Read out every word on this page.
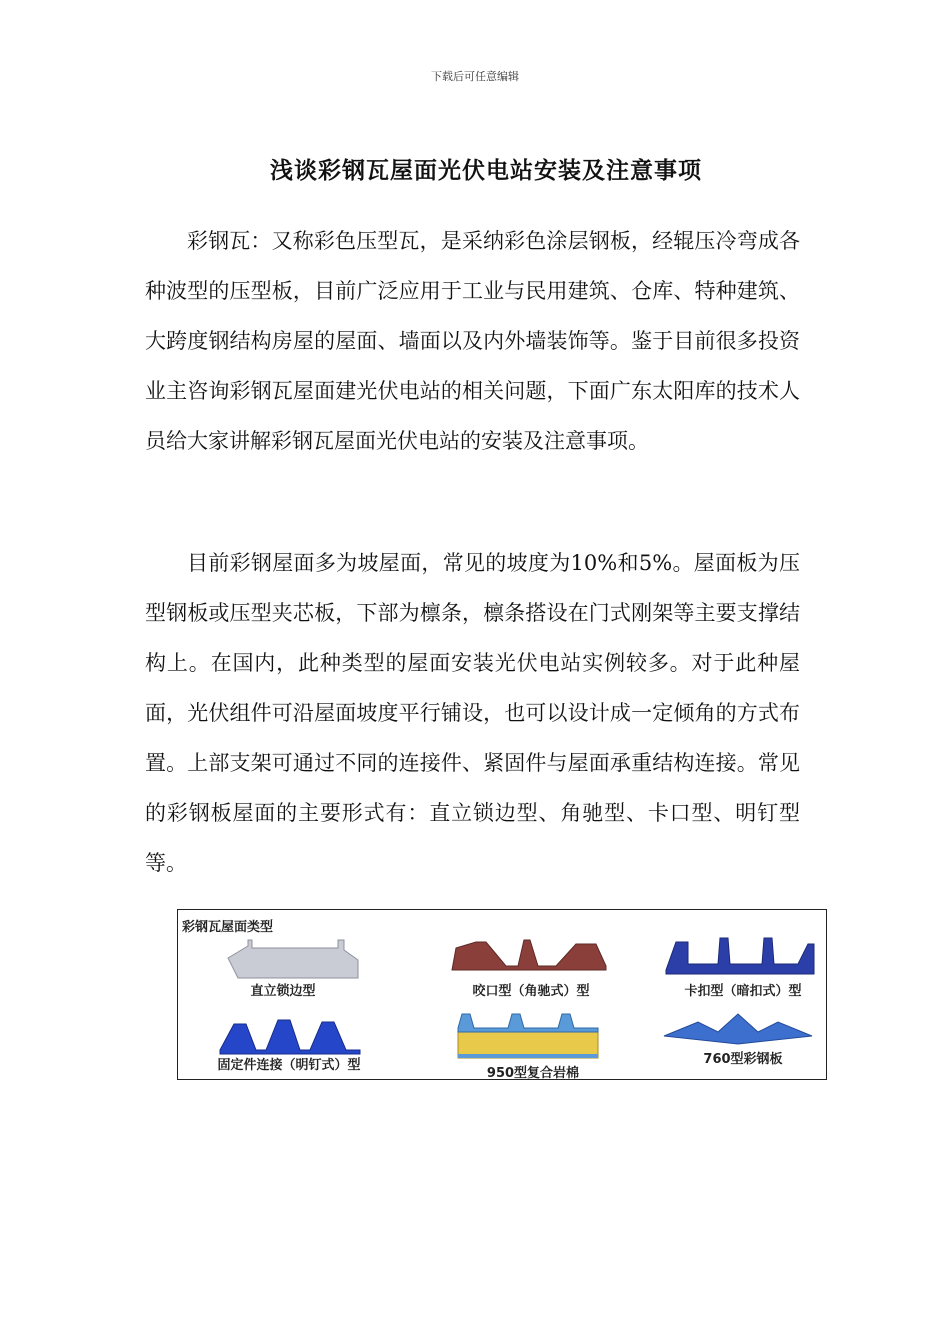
下载后可任意编辑
浅谈彩钢瓦屋面光伏电站安装及注意事项

彩钢瓦：又称彩色压型瓦，是采纳彩色涂层钢板，经辊压冷弯成各种波型的压型板，目前广泛应用于工业与民用建筑、仓库、特种建筑、大跨度钢结构房屋的屋面、墙面以及内外墙装饰等。鉴于目前很多投资业主咨询彩钢瓦屋面建光伏电站的相关问题，下面广东太阳库的技术人员给大家讲解彩钢瓦屋面光伏电站的安装及注意事项。

目前彩钢屋面多为坡屋面，常见的坡度为10%和5%。屋面板为压型钢板或压型夹芯板，下部为檩条，檩条搭设在门式刚架等主要支撑结构上。在国内，此种类型的屋面安装光伏电站实例较多。对于此种屋面，光伏组件可沿屋面坡度平行铺设，也可以设计成一定倾角的方式布置。上部支架可通过不同的连接件、紧固件与屋面承重结构连接。常见的彩钢板屋面的主要形式有：直立锁边型、角驰型、卡口型、明钉型等。

彩钢瓦屋面类型
直立锁边型	咬口型（角驰式）型	卡扣型（暗扣式）型
固定件连接（明钉式）型
950型复合岩棉
760型彩钢板
